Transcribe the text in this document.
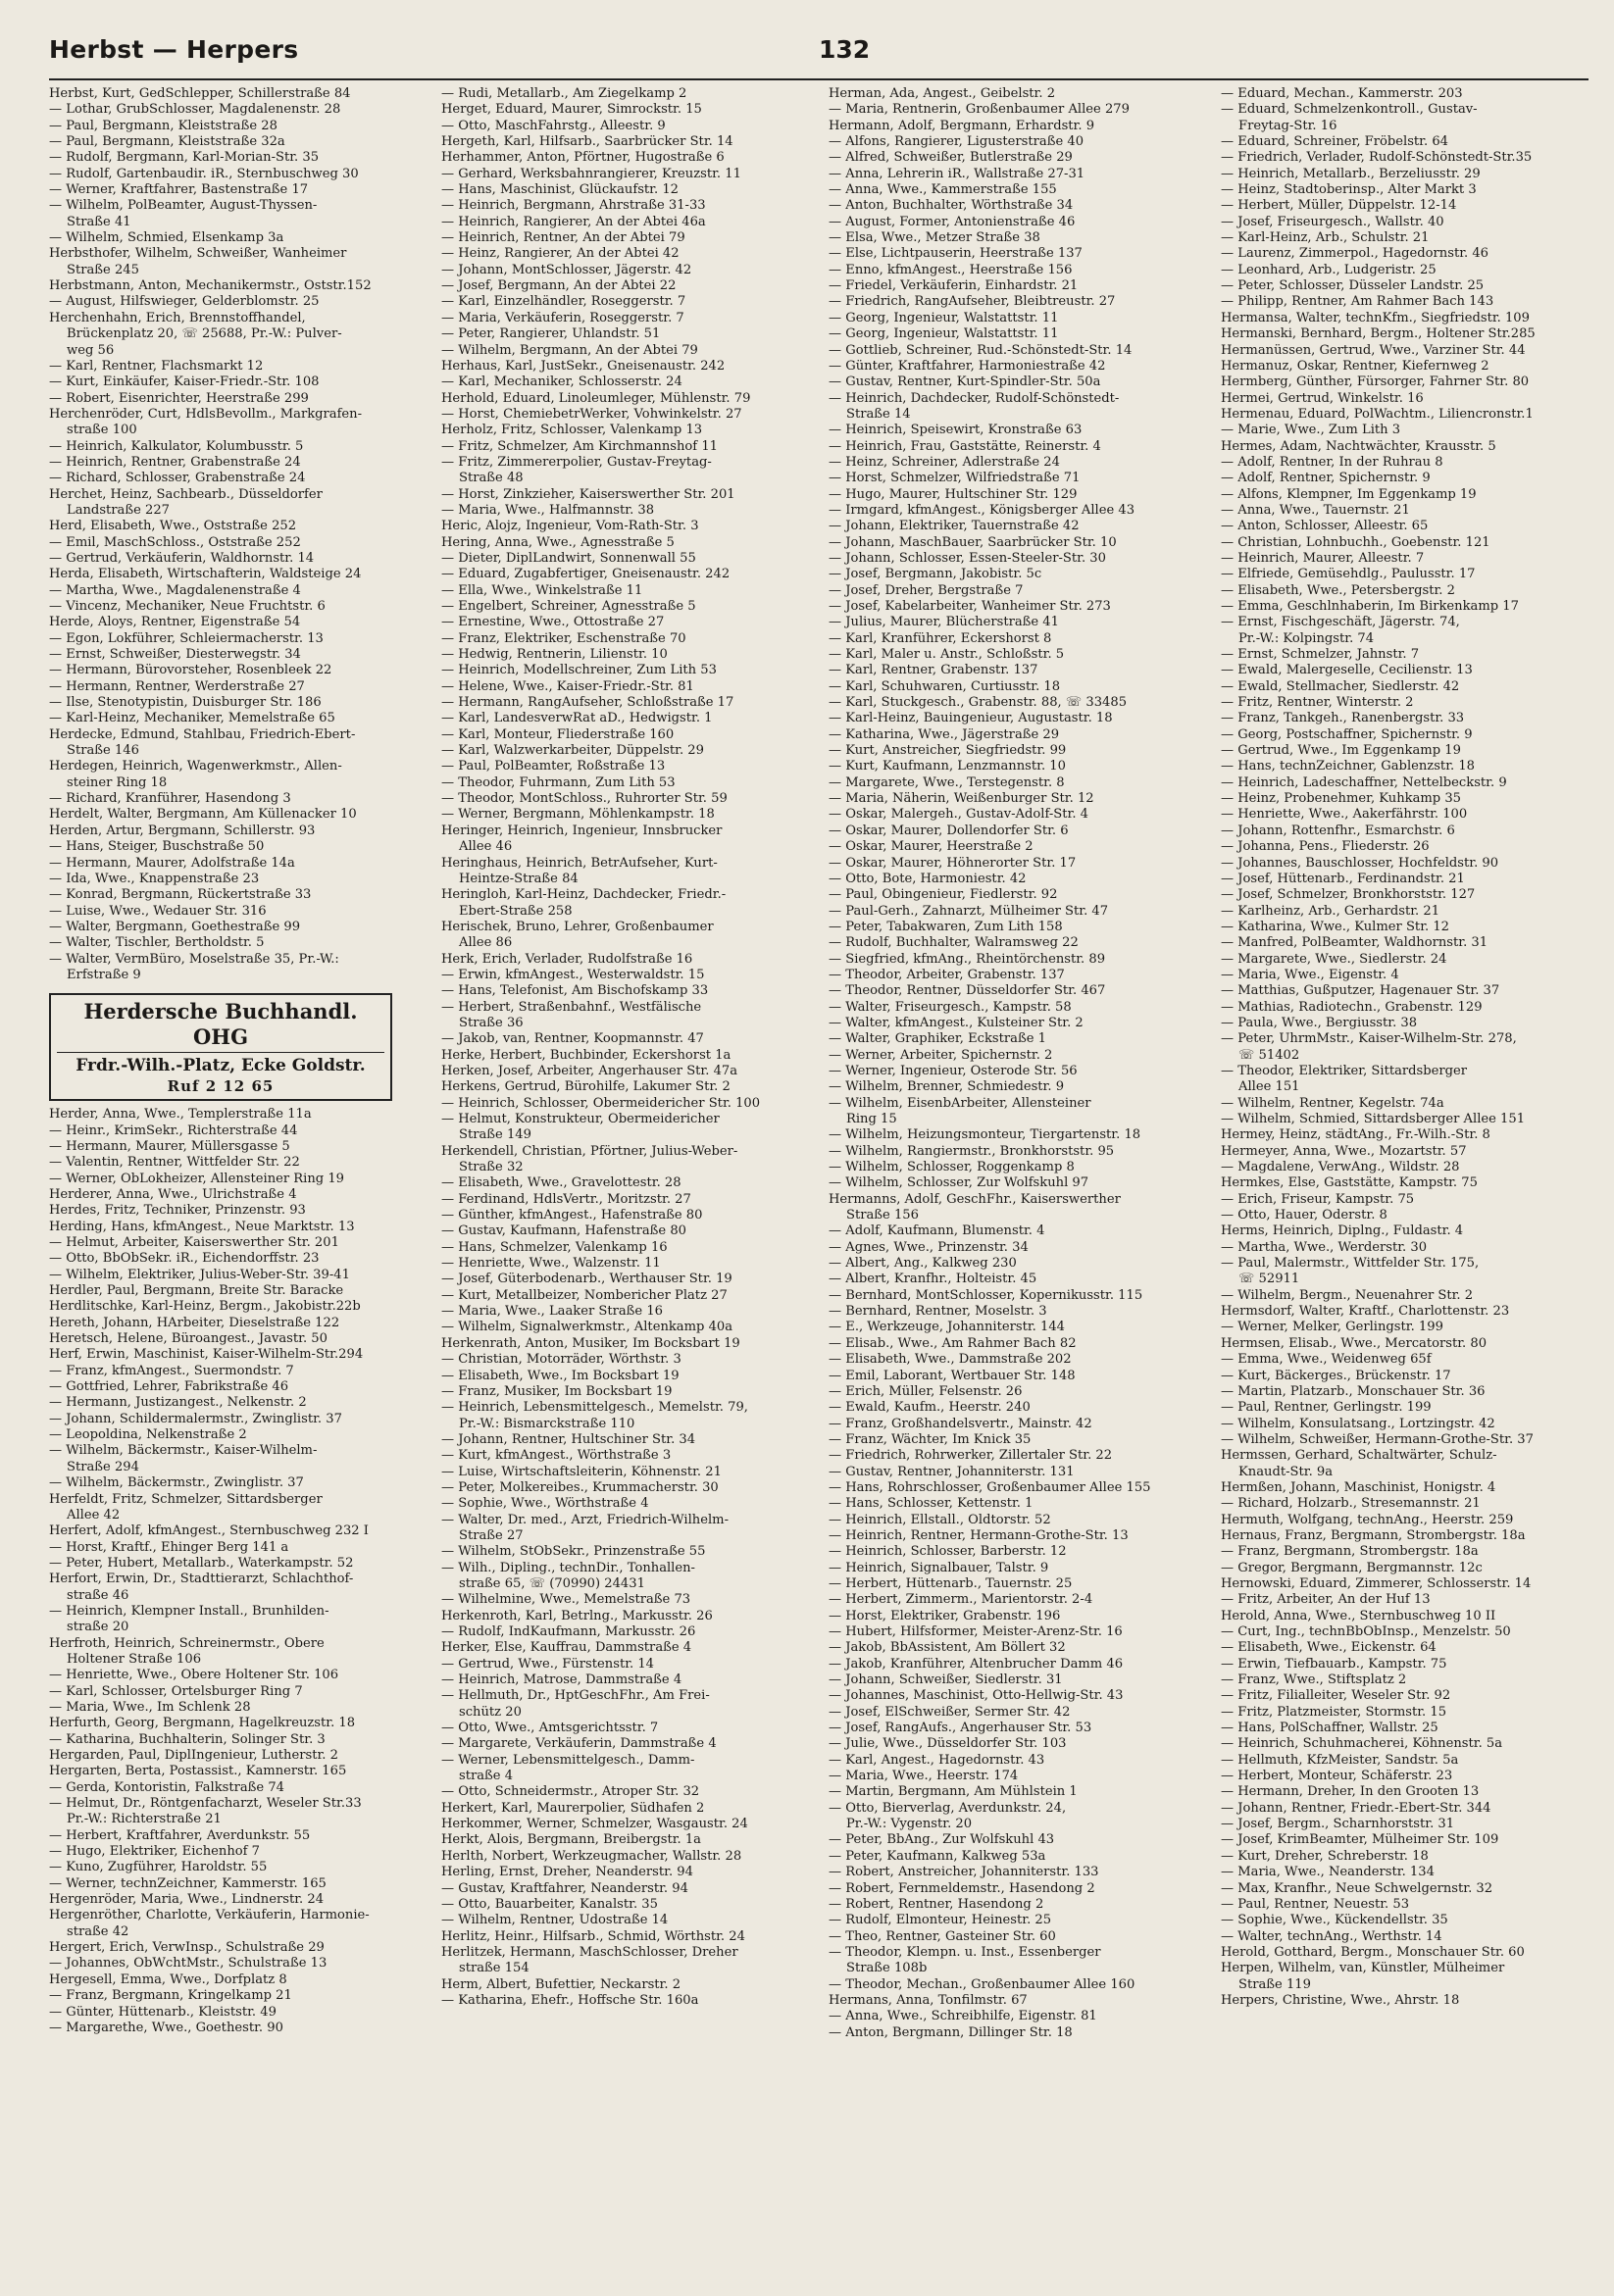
Herbst — Herpers	132
Herbst, Kurt, GedSchlepper, Schillerstraße 84
— Lothar, GrubSchlosser, Magdalenenstr. 28
— Paul, Bergmann, Kleiststraße 28
— Paul, Bergmann, Kleiststraße 32a
— Rudolf, Bergmann, Karl-Morian-Str. 35
— Rudolf, Gartenbaudir. iR., Sternbuschweg 30
— Werner, Kraftfahrer, Bastenstraße 17
— Wilhelm, PolBeamter, August-Thyssen-
Straße 41
— Wilhelm, Schmied, Elsenkamp 3a
Herbsthofer, Wilhelm, Schweißer, Wanheimer
Straße 245
Herbstmann, Anton, Mechanikermstr., Oststr.152
— August, Hilfswieger, Gelderblomstr. 25
Herchenhahn, Erich, Brennstoffhandel,
Brückenplatz 20, ☏ 25688, Pr.-W.: Pulver-
weg 56
— Karl, Rentner, Flachsmarkt 12
— Kurt, Einkäufer, Kaiser-Friedr.-Str. 108
— Robert, Eisenrichter, Heerstraße 299
Herchenröder, Curt, HdlsBevollm., Markgrafen-
straße 100
— Heinrich, Kalkulator, Kolumbusstr. 5
— Heinrich, Rentner, Grabenstraße 24
— Richard, Schlosser, Grabenstraße 24
Herchet, Heinz, Sachbearb., Düsseldorfer
Landstraße 227
Herd, Elisabeth, Wwe., Oststraße 252
— Emil, MaschSchloss., Oststraße 252
— Gertrud, Verkäuferin, Waldhornstr. 14
Herda, Elisabeth, Wirtschafterin, Waldsteige 24
— Martha, Wwe., Magdalenenstraße 4
— Vincenz, Mechaniker, Neue Fruchtstr. 6
Herde, Aloys, Rentner, Eigenstraße 54
— Egon, Lokführer, Schleiermacherstr. 13
— Ernst, Schweißer, Diesterwegstr. 34
— Hermann, Bürovorsteher, Rosenbleek 22
— Hermann, Rentner, Werderstraße 27
— Ilse, Stenotypistin, Duisburger Str. 186
— Karl-Heinz, Mechaniker, Memelstraße 65
Herdecke, Edmund, Stahlbau, Friedrich-Ebert-
Straße 146
Herdegen, Heinrich, Wagenwerkmstr., Allen-
steiner Ring 18
— Richard, Kranführer, Hasendong 3
Herdelt, Walter, Bergmann, Am Küllenacker 10
Herden, Artur, Bergmann, Schillerstr. 93
— Hans, Steiger, Buschstraße 50
— Hermann, Maurer, Adolfstraße 14a
— Ida, Wwe., Knappenstraße 23
— Konrad, Bergmann, Rückertstraße 33
— Luise, Wwe., Wedauer Str. 316
— Walter, Bergmann, Goethestraße 99
— Walter, Tischler, Bertholdstr. 5
— Walter, VermBüro, Moselstraße 35, Pr.-W.:
Erfstraße 9
Herdersche Buchhandl. OHG
Frdr.-Wilh.-Platz, Ecke Goldstr.
Ruf 2 12 65
Herder, Anna, Wwe., Templerstraße 11a
— Heinr., KrimSekr., Richterstraße 44
— Hermann, Maurer, Müllersgasse 5
— Valentin, Rentner, Wittfelder Str. 22
— Werner, ObLokheizer, Allensteiner Ring 19
Herderer, Anna, Wwe., Ulrichstraße 4
Herdes, Fritz, Techniker, Prinzenstr. 93
Herding, Hans, kfmAngest., Neue Marktstr. 13
— Helmut, Arbeiter, Kaiserswerther Str. 201
— Otto, BbObSekr. iR., Eichendorffstr. 23
— Wilhelm, Elektriker, Julius-Weber-Str. 39-41
Herdler, Paul, Bergmann, Breite Str. Baracke
Herdlitschke, Karl-Heinz, Bergm., Jakobistr.22b
Hereth, Johann, HArbeiter, Dieselstraße 122
Heretsch, Helene, Büroangest., Javastr. 50
Herf, Erwin, Maschinist, Kaiser-Wilhelm-Str.294
— Franz, kfmAngest., Suermondstr. 7
— Gottfried, Lehrer, Fabrikstraße 46
— Hermann, Justizangest., Nelkenstr. 2
— Johann, Schildermalermstr., Zwinglistr. 37
— Leopoldina, Nelkenstraße 2
— Wilhelm, Bäckermstr., Kaiser-Wilhelm-
Straße 294
— Wilhelm, Bäckermstr., Zwinglistr. 37
Herfeldt, Fritz, Schmelzer, Sittardsberger
Allee 42
Herfert, Adolf, kfmAngest., Sternbuschweg 232 I
— Horst, Kraftf., Ehinger Berg 141 a
— Peter, Hubert, Metallarb., Waterkampstr. 52
Herfort, Erwin, Dr., Stadttierarzt, Schlachthof-
straße 46
— Heinrich, Klempner Install., Brunhilden-
straße 20
Herfroth, Heinrich, Schreinermstr., Obere
Holtener Straße 106
— Henriette, Wwe., Obere Holtener Str. 106
— Karl, Schlosser, Ortelsburger Ring 7
— Maria, Wwe., Im Schlenk 28
Herfurth, Georg, Bergmann, Hagelkreuzstr. 18
— Katharina, Buchhalterin, Solinger Str. 3
Hergarden, Paul, DiplIngenieur, Lutherstr. 2
Hergarten, Berta, Postassist., Kamnerstr. 165
— Gerda, Kontoristin, Falkstraße 74
— Helmut, Dr., Röntgenfacharzt, Weseler Str.33
Pr.-W.: Richterstraße 21
— Herbert, Kraftfahrer, Averdunkstr. 55
— Hugo, Elektriker, Eichenhof 7
— Kuno, Zugführer, Haroldstr. 55
— Werner, technZeichner, Kammerstr. 165
Hergenröder, Maria, Wwe., Lindnerstr. 24
Hergenröther, Charlotte, Verkäuferin, Harmonie-
straße 42
Hergert, Erich, VerwInsp., Schulstraße 29
— Johannes, ObWchtMstr., Schulstraße 13
Hergesell, Emma, Wwe., Dorfplatz 8
— Franz, Bergmann, Kringelkamp 21
— Günter, Hüttenarb., Kleiststr. 49
— Margarethe, Wwe., Goethestr. 90
— Rudi, Metallarb., Am Ziegelkamp 2
Herget, Eduard, Maurer, Simrockstr. 15
— Otto, MaschFahrstg., Alleestr. 9
Hergeth, Karl, Hilfsarb., Saarbrücker Str. 14
Herhammer, Anton, Pförtner, Hugostraße 6
— Gerhard, Werksbahnrangierer, Kreuzstr. 11
— Hans, Maschinist, Glückaufstr. 12
— Heinrich, Bergmann, Ahrstraße 31-33
— Heinrich, Rangierer, An der Abtei 46a
— Heinrich, Rentner, An der Abtei 79
— Heinz, Rangierer, An der Abtei 42
— Johann, MontSchlosser, Jägerstr. 42
— Josef, Bergmann, An der Abtei 22
— Karl, Einzelhändler, Roseggerstr. 7
— Maria, Verkäuferin, Roseggerstr. 7
— Peter, Rangierer, Uhlandstr. 51
— Wilhelm, Bergmann, An der Abtei 79
Herhaus, Karl, JustSekr., Gneisenaustr. 242
— Karl, Mechaniker, Schlosserstr. 24
Herhold, Eduard, Linoleumleger, Mühlenstr. 79
— Horst, ChemiebetrWerker, Vohwinkelstr. 27
Herholz, Fritz, Schlosser, Valenkamp 13
— Fritz, Schmelzer, Am Kirchmannshof 11
— Fritz, Zimmererpolier, Gustav-Freytag-
Straße 48
— Horst, Zinkzieher, Kaiserswerther Str. 201
— Maria, Wwe., Halfmannstr. 38
Heric, Alojz, Ingenieur, Vom-Rath-Str. 3
Hering, Anna, Wwe., Agnesstraße 5
— Dieter, DiplLandwirt, Sonnenwall 55
— Eduard, Zugabfertiger, Gneisenaustr. 242
— Ella, Wwe., Winkelstraße 11
— Engelbert, Schreiner, Agnesstraße 5
— Ernestine, Wwe., Ottostraße 27
— Franz, Elektriker, Eschenstraße 70
— Hedwig, Rentnerin, Lilienstr. 10
— Heinrich, Modellschreiner, Zum Lith 53
— Helene, Wwe., Kaiser-Friedr.-Str. 81
— Hermann, RangAufseher, Schloßstraße 17
— Karl, LandesverwRat aD., Hedwigstr. 1
— Karl, Monteur, Fliederstraße 160
— Karl, Walzwerkarbeiter, Düppelstr. 29
— Paul, PolBeamter, Roßstraße 13
— Theodor, Fuhrmann, Zum Lith 53
— Theodor, MontSchloss., Ruhrorter Str. 59
— Werner, Bergmann, Möhlenkampstr. 18
Heringer, Heinrich, Ingenieur, Innsbrucker
Allee 46
Heringhaus, Heinrich, BetrAufseher, Kurt-
Heintze-Straße 84
Heringloh, Karl-Heinz, Dachdecker, Friedr.-
Ebert-Straße 258
Herischek, Bruno, Lehrer, Großenbaumer
Allee 86
Herk, Erich, Verlader, Rudolfstraße 16
— Erwin, kfmAngest., Westerwaldstr. 15
— Hans, Telefonist, Am Bischofskamp 33
— Herbert, Straßenbahnf., Westfälische
Straße 36
— Jakob, van, Rentner, Koopmannstr. 47
Herke, Herbert, Buchbinder, Eckershorst 1a
Herken, Josef, Arbeiter, Angerhauser Str. 47a
Herkens, Gertrud, Bürohilfe, Lakumer Str. 2
— Heinrich, Schlosser, Obermeidericher Str. 100
— Helmut, Konstrukteur, Obermeidericher
Straße 149
Herkendell, Christian, Pförtner, Julius-Weber-
Straße 32
— Elisabeth, Wwe., Gravelottestr. 28
— Ferdinand, HdlsVertr., Moritzstr. 27
— Günther, kfmAngest., Hafenstraße 80
— Gustav, Kaufmann, Hafenstraße 80
— Hans, Schmelzer, Valenkamp 16
— Henriette, Wwe., Walzenstr. 11
— Josef, Güterbodenarb., Werthauser Str. 19
— Kurt, Metallbeizer, Nombericher Platz 27
— Maria, Wwe., Laaker Straße 16
— Wilhelm, Signalwerkmstr., Altenkamp 40a
Herkenrath, Anton, Musiker, Im Bocksbart 19
— Christian, Motorräder, Wörthstr. 3
— Elisabeth, Wwe., Im Bocksbart 19
— Franz, Musiker, Im Bocksbart 19
— Heinrich, Lebensmittelgesch., Memelstr. 79,
Pr.-W.: Bismarckstraße 110
— Johann, Rentner, Hultschiner Str. 34
— Kurt, kfmAngest., Wörthstraße 3
— Luise, Wirtschaftsleiterin, Köhnenstr. 21
— Peter, Molkereibes., Krummacherstr. 30
— Sophie, Wwe., Wörthstraße 4
— Walter, Dr. med., Arzt, Friedrich-Wilhelm-
Straße 27
— Wilhelm, StObSekr., Prinzenstraße 55
— Wilh., Dipling., technDir., Tonhallen-
straße 65, ☏ (70990) 24431
— Wilhelmine, Wwe., Memelstraße 73
Herkenroth, Karl, Betrlng., Markusstr. 26
— Rudolf, IndKaufmann, Markusstr. 26
Herker, Else, Kauffrau, Dammstraße 4
— Gertrud, Wwe., Fürstenstr. 14
— Heinrich, Matrose, Dammstraße 4
— Hellmuth, Dr., HptGeschFhr., Am Frei-
schütz 20
— Otto, Wwe., Amtsgerichtsstr. 7
— Margarete, Verkäuferin, Dammstraße 4
— Werner, Lebensmittelgesch., Damm-
straße 4
— Otto, Schneidermstr., Atroper Str. 32
Herkert, Karl, Maurerpolier, Südhafen 2
Herkommer, Werner, Schmelzer, Wasgaustr. 24
Herkt, Alois, Bergmann, Breibergstr. 1a
Herlth, Norbert, Werkzeugmacher, Wallstr. 28
Herling, Ernst, Dreher, Neanderstr. 94
— Gustav, Kraftfahrer, Neanderstr. 94
— Otto, Bauarbeiter, Kanalstr. 35
— Wilhelm, Rentner, Udostraße 14
Herlitz, Heinr., Hilfsarb., Schmid, Wörthstr. 24
Herlitzek, Hermann, MaschSchlosser, Dreher
straße 154
Herm, Albert, Bufettier, Neckarstr. 2
— Katharina, Ehefr., Hoffsche Str. 160a
Herman, Ada, Angest., Geibelstr. 2
— Maria, Rentnerin, Großenbaumer Allee 279
Hermann, Adolf, Bergmann, Erhardstr. 9
— Alfons, Rangierer, Ligusterstraße 40
— Alfred, Schweißer, Butlerstraße 29
— Anna, Lehrerin iR., Wallstraße 27-31
— Anna, Wwe., Kammerstraße 155
— Anton, Buchhalter, Wörthstraße 34
— August, Former, Antonienstraße 46
— Elsa, Wwe., Metzer Straße 38
— Else, Lichtpauserin, Heerstraße 137
— Enno, kfmAngest., Heerstraße 156
— Friedel, Verkäuferin, Einhardstr. 21
— Friedrich, RangAufseher, Bleibtreustr. 27
— Georg, Ingenieur, Walstattstr. 11
— Georg, Ingenieur, Walstattstr. 11
— Gottlieb, Schreiner, Rud.-Schönstedt-Str. 14
— Günter, Kraftfahrer, Harmoniestraße 42
— Gustav, Rentner, Kurt-Spindler-Str. 50a
— Heinrich, Dachdecker, Rudolf-Schönstedt-
Straße 14
— Heinrich, Speisewirt, Kronstraße 63
— Heinrich, Frau, Gaststätte, Reinerstr. 4
— Heinz, Schreiner, Adlerstraße 24
— Horst, Schmelzer, Wilfriedstraße 71
— Hugo, Maurer, Hultschiner Str. 129
— Irmgard, kfmAngest., Königsberger Allee 43
— Johann, Elektriker, Tauernstraße 42
— Johann, MaschBauer, Saarbrücker Str. 10
— Johann, Schlosser, Essen-Steeler-Str. 30
— Josef, Bergmann, Jakobistr. 5c
— Josef, Dreher, Bergstraße 7
— Josef, Kabelarbeiter, Wanheimer Str. 273
— Julius, Maurer, Blücherstraße 41
— Karl, Kranführer, Eckershorst 8
— Karl, Maler u. Anstr., Schloßstr. 5
— Karl, Rentner, Grabenstr. 137
— Karl, Schuhwaren, Curtiusstr. 18
— Karl, Stuckgesch., Grabenstr. 88, ☏ 33485
— Karl-Heinz, Bauingenieur, Augustastr. 18
— Katharina, Wwe., Jägerstraße 29
— Kurt, Anstreicher, Siegfriedstr. 99
— Kurt, Kaufmann, Lenzmannstr. 10
— Margarete, Wwe., Terstegenstr. 8
— Maria, Näherin, Weißenburger Str. 12
— Oskar, Malergeh., Gustav-Adolf-Str. 4
— Oskar, Maurer, Dollendorfer Str. 6
— Oskar, Maurer, Heerstraße 2
— Oskar, Maurer, Höhnerorter Str. 17
— Otto, Bote, Harmoniestr. 42
— Paul, Obingenieur, Fiedlerstr. 92
— Paul-Gerh., Zahnarzt, Mülheimer Str. 47
— Peter, Tabakwaren, Zum Lith 158
— Rudolf, Buchhalter, Walramsweg 22
— Siegfried, kfmAng., Rheintörchenstr. 89
— Theodor, Arbeiter, Grabenstr. 137
— Theodor, Rentner, Düsseldorfer Str. 467
— Walter, Friseurgesch., Kampstr. 58
— Walter, kfmAngest., Kulsteiner Str. 2
— Walter, Graphiker, Eckstraße 1
— Werner, Arbeiter, Spichernstr. 2
— Werner, Ingenieur, Osterode Str. 56
— Wilhelm, Brenner, Schmiedestr. 9
— Wilhelm, EisenbArbeiter, Allensteiner
Ring 15
— Wilhelm, Heizungsmonteur, Tiergartenstr. 18
— Wilhelm, Rangiermstr., Bronkhorststr. 95
— Wilhelm, Schlosser, Roggenkamp 8
— Wilhelm, Schlosser, Zur Wolfskuhl 97
Hermanns, Adolf, GeschFhr., Kaiserswerther
Straße 156
— Adolf, Kaufmann, Blumenstr. 4
— Agnes, Wwe., Prinzenstr. 34
— Albert, Ang., Kalkweg 230
— Albert, Kranfhr., Holteistr. 45
— Bernhard, MontSchlosser, Kopernikusstr. 115
— Bernhard, Rentner, Moselstr. 3
— E., Werkzeuge, Johanniterstr. 144
— Elisab., Wwe., Am Rahmer Bach 82
— Elisabeth, Wwe., Dammstraße 202
— Emil, Laborant, Wertbauer Str. 148
— Erich, Müller, Felsenstr. 26
— Ewald, Kaufm., Heerstr. 240
— Franz, Großhandelsvertr., Mainstr. 42
— Franz, Wächter, Im Knick 35
— Friedrich, Rohrwerker, Zillertaler Str. 22
— Gustav, Rentner, Johanniterstr. 131
— Hans, Rohrschlosser, Großenbaumer Allee 155
— Hans, Schlosser, Kettenstr. 1
— Heinrich, Ellstall., Oldtorstr. 52
— Heinrich, Rentner, Hermann-Grothe-Str. 13
— Heinrich, Schlosser, Barberstr. 12
— Heinrich, Signalbauer, Talstr. 9
— Herbert, Hüttenarb., Tauernstr. 25
— Herbert, Zimmerm., Marientorstr. 2-4
— Horst, Elektriker, Grabenstr. 196
— Hubert, Hilfsformer, Meister-Arenz-Str. 16
— Jakob, BbAssistent, Am Böllert 32
— Jakob, Kranführer, Altenbrucher Damm 46
— Johann, Schweißer, Siedlerstr. 31
— Johannes, Maschinist, Otto-Hellwig-Str. 43
— Josef, ElSchweißer, Sermer Str. 42
— Josef, RangAufs., Angerhauser Str. 53
— Julie, Wwe., Düsseldorfer Str. 103
— Karl, Angest., Hagedornstr. 43
— Maria, Wwe., Heerstr. 174
— Martin, Bergmann, Am Mühlstein 1
— Otto, Bierverlag, Averdunkstr. 24,
Pr.-W.: Vygenstr. 20
— Peter, BbAng., Zur Wolfskuhl 43
— Peter, Kaufmann, Kalkweg 53a
— Robert, Anstreicher, Johanniterstr. 133
— Robert, Fernmeldemstr., Hasendong 2
— Robert, Rentner, Hasendong 2
— Rudolf, Elmonteur, Heinestr. 25
— Theo, Rentner, Gasteiner Str. 60
— Theodor, Klempn. u. Inst., Essenberger
Straße 108b
— Theodor, Mechan., Großenbaumer Allee 160
Hermans, Anna, Tonfilmstr. 67
— Anna, Wwe., Schreibhilfe, Eigenstr. 81
— Anton, Bergmann, Dillinger Str. 18
— Eduard, Mechan., Kammerstr. 203
— Eduard, Schmelzenkontroll., Gustav-
Freytag-Str. 16
— Eduard, Schreiner, Fröbelstr. 64
— Friedrich, Verlader, Rudolf-Schönstedt-Str.35
— Heinrich, Metallarb., Berzeliusstr. 29
— Heinz, Stadtoberinsp., Alter Markt 3
— Herbert, Müller, Düppelstr. 12-14
— Josef, Friseurgesch., Wallstr. 40
— Karl-Heinz, Arb., Schulstr. 21
— Laurenz, Zimmerpol., Hagedornstr. 46
— Leonhard, Arb., Ludgeristr. 25
— Peter, Schlosser, Düsseler Landstr. 25
— Philipp, Rentner, Am Rahmer Bach 143
Hermansa, Walter, technKfm., Siegfriedstr. 109
Hermanski, Bernhard, Bergm., Holtener Str.285
Hermanüssen, Gertrud, Wwe., Varziner Str. 44
Hermanuz, Oskar, Rentner, Kiefernweg 2
Hermberg, Günther, Fürsorger, Fahrner Str. 80
Hermei, Gertrud, Winkelstr. 16
Hermenau, Eduard, PolWachtm., Liliencronstr.1
— Marie, Wwe., Zum Lith 3
Hermes, Adam, Nachtwächter, Krausstr. 5
— Adolf, Rentner, In der Ruhrau 8
— Adolf, Rentner, Spichernstr. 9
— Alfons, Klempner, Im Eggenkamp 19
— Anna, Wwe., Tauernstr. 21
— Anton, Schlosser, Alleestr. 65
— Christian, Lohnbuchh., Goebenstr. 121
— Heinrich, Maurer, Alleestr. 7
— Elfriede, Gemüsehdlg., Paulusstr. 17
— Elisabeth, Wwe., Petersbergstr. 2
— Emma, Geschlnhaberin, Im Birkenkamp 17
— Ernst, Fischgeschäft, Jägerstr. 74,
Pr.-W.: Kolpingstr. 74
— Ernst, Schmelzer, Jahnstr. 7
— Ewald, Malergeselle, Cecilienstr. 13
— Ewald, Stellmacher, Siedlerstr. 42
— Fritz, Rentner, Winterstr. 2
— Franz, Tankgeh., Ranenbergstr. 33
— Georg, Postschaffner, Spichernstr. 9
— Gertrud, Wwe., Im Eggenkamp 19
— Hans, technZeichner, Gablenzstr. 18
— Heinrich, Ladeschaffner, Nettelbeckstr. 9
— Heinz, Probenehmer, Kuhkamp 35
— Henriette, Wwe., Aakerfährstr. 100
— Johann, Rottenfhr., Esmarchstr. 6
— Johanna, Pens., Fliederstr. 26
— Johannes, Bauschlosser, Hochfeldstr. 90
— Josef, Hüttenarb., Ferdinandstr. 21
— Josef, Schmelzer, Bronkhorststr. 127
— Karlheinz, Arb., Gerhardstr. 21
— Katharina, Wwe., Kulmer Str. 12
— Manfred, PolBeamter, Waldhornstr. 31
— Margarete, Wwe., Siedlerstr. 24
— Maria, Wwe., Eigenstr. 4
— Matthias, Gußputzer, Hagenauer Str. 37
— Mathias, Radiotechn., Grabenstr. 129
— Paula, Wwe., Bergiusstr. 38
— Peter, UhrmMstr., Kaiser-Wilhelm-Str. 278,
☏ 51402
— Theodor, Elektriker, Sittardsberger
Allee 151
— Wilhelm, Rentner, Kegelstr. 74a
— Wilhelm, Schmied, Sittardsberger Allee 151
Hermey, Heinz, städtAng., Fr.-Wilh.-Str. 8
Hermeyer, Anna, Wwe., Mozartstr. 57
— Magdalene, VerwAng., Wildstr. 28
Hermkes, Else, Gaststätte, Kampstr. 75
— Erich, Friseur, Kampstr. 75
— Otto, Hauer, Oderstr. 8
Herms, Heinrich, Diplng., Fuldastr. 4
— Martha, Wwe., Werderstr. 30
— Paul, Malermstr., Wittfelder Str. 175,
☏ 52911
— Wilhelm, Bergm., Neuenahrer Str. 2
Hermsdorf, Walter, Kraftf., Charlottenstr. 23
— Werner, Melker, Gerlingstr. 199
Hermsen, Elisab., Wwe., Mercatorstr. 80
— Emma, Wwe., Weidenweg 65f
— Kurt, Bäckerges., Brückenstr. 17
— Martin, Platzarb., Monschauer Str. 36
— Paul, Rentner, Gerlingstr. 199
— Wilhelm, Konsulatsang., Lortzingstr. 42
— Wilhelm, Schweißer, Hermann-Grothe-Str. 37
Hermssen, Gerhard, Schaltwärter, Schulz-
Knaudt-Str. 9a
Hermßen, Johann, Maschinist, Honigstr. 4
— Richard, Holzarb., Stresemannstr. 21
Hermuth, Wolfgang, technAng., Heerstr. 259
Hernaus, Franz, Bergmann, Strombergstr. 18a
— Franz, Bergmann, Strombergstr. 18a
— Gregor, Bergmann, Bergmannstr. 12c
Hernowski, Eduard, Zimmerer, Schlosserstr. 14
— Fritz, Arbeiter, An der Huf 13
Herold, Anna, Wwe., Sternbuschweg 10 II
— Curt, Ing., technBbObInsp., Menzelstr. 50
— Elisabeth, Wwe., Eickenstr. 64
— Erwin, Tiefbauarb., Kampstr. 75
— Franz, Wwe., Stiftsplatz 2
— Fritz, Filialleiter, Weseler Str. 92
— Fritz, Platzmeister, Stormstr. 15
— Hans, PolSchaffner, Wallstr. 25
— Heinrich, Schuhmacherei, Köhnenstr. 5a
— Hellmuth, KfzMeister, Sandstr. 5a
— Herbert, Monteur, Schäferstr. 23
— Hermann, Dreher, In den Grooten 13
— Johann, Rentner, Friedr.-Ebert-Str. 344
— Josef, Bergm., Scharnhorststr. 31
— Josef, KrimBeamter, Mülheimer Str. 109
— Kurt, Dreher, Schreberstr. 18
— Maria, Wwe., Neanderstr. 134
— Max, Kranfhr., Neue Schwelgernstr. 32
— Paul, Rentner, Neuestr. 53
— Sophie, Wwe., Kückendellstr. 35
— Walter, technAng., Werthstr. 14
Herold, Gotthard, Bergm., Monschauer Str. 60
Herpen, Wilhelm, van, Künstler, Mülheimer
Straße 119
Herpers, Christine, Wwe., Ahrstr. 18
